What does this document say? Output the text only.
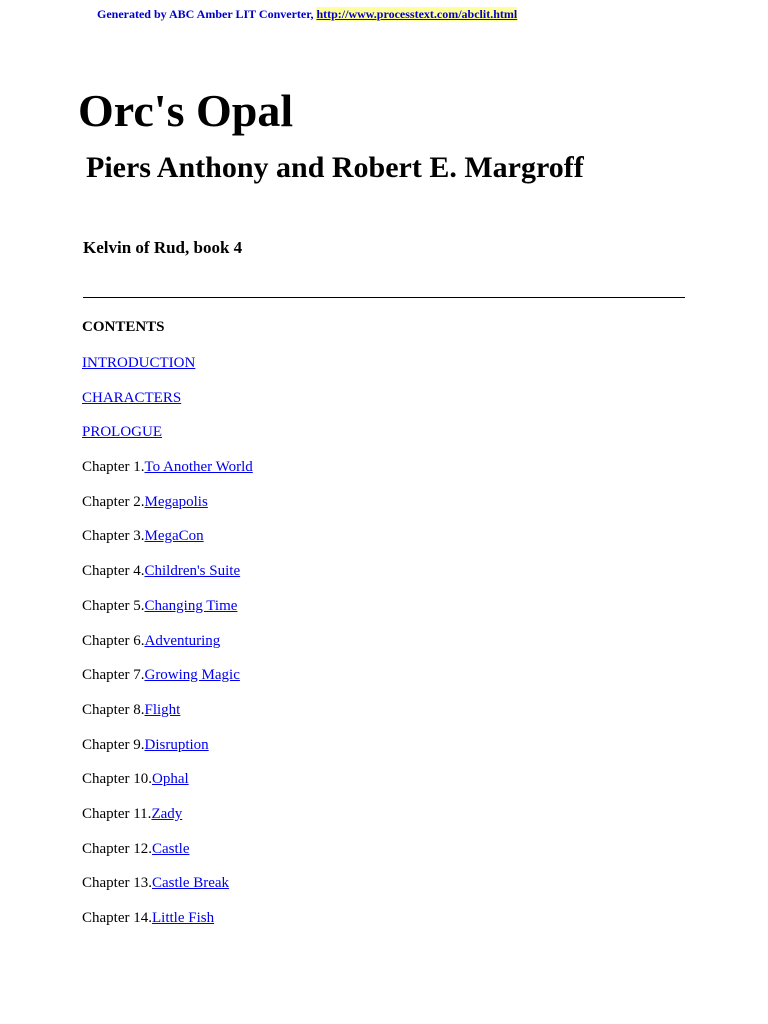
Generated by ABC Amber LIT Converter, http://www.processtext.com/abclit.html
Orc's Opal
Piers Anthony and Robert E. Margroff
Kelvin of Rud, book 4
CONTENTS
INTRODUCTION
CHARACTERS
PROLOGUE
Chapter 1.To Another World
Chapter 2.Megapolis
Chapter 3.MegaCon
Chapter 4.Children's Suite
Chapter 5.Changing Time
Chapter 6.Adventuring
Chapter 7.Growing Magic
Chapter 8.Flight
Chapter 9.Disruption
Chapter 10.Ophal
Chapter 11.Zady
Chapter 12.Castle
Chapter 13.Castle Break
Chapter 14.Little Fish
